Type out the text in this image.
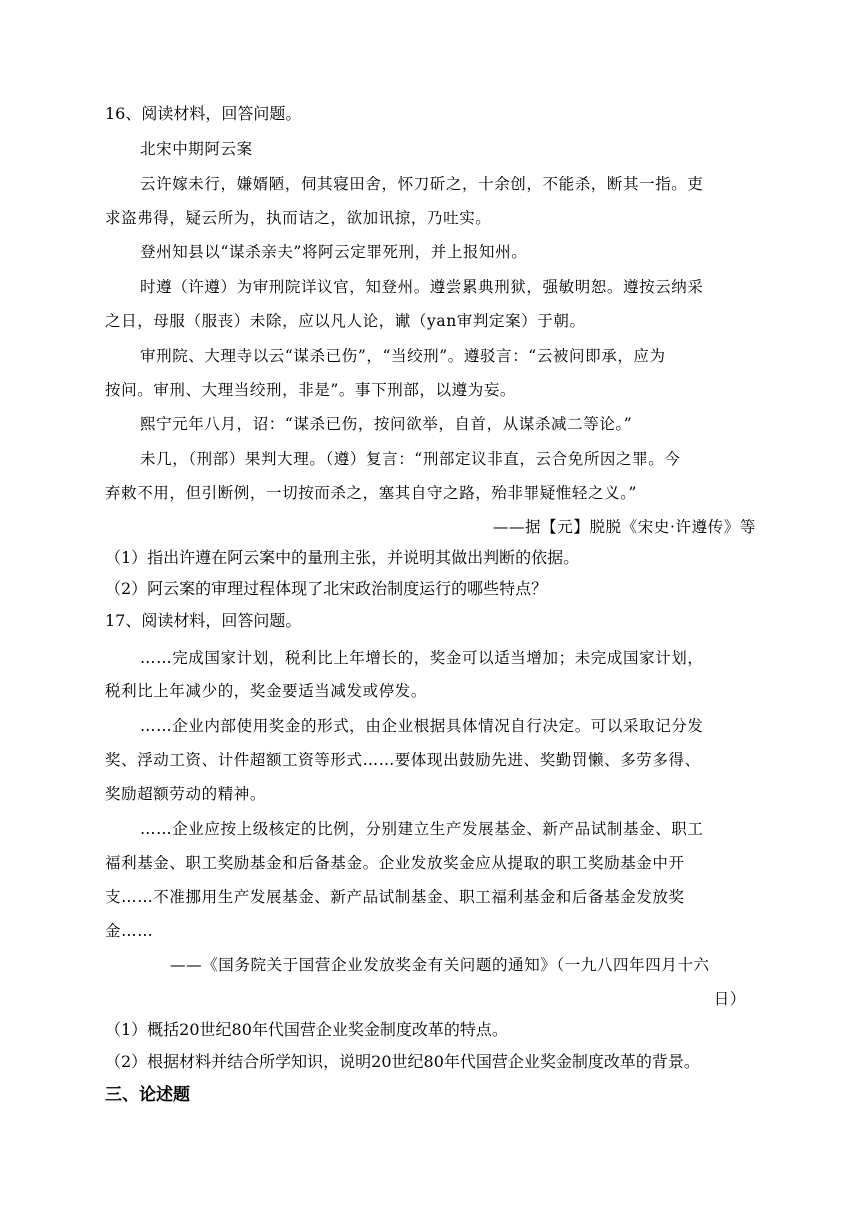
16、阅读材料，回答问题。
北宋中期阿云案
云许嫁未行，嫌婿陋，伺其寝田舍，怀刀斫之，十余创，不能杀，断其一指。吏
求盗弗得，疑云所为，执而诘之，欲加讯掠，乃吐实。
登州知县以“谋杀亲夫”将阿云定罪死刑，并上报知州。
时遵（许遵）为审刑院详议官，知登州。遵尝累典刑狱，强敏明恕。遵按云纳采
之日，母服（服丧）未除，应以凡人论，谳（yan审判定案）于朝。
审刑院、大理寺以云“谋杀已伤”，“当绞刑”。遵驳言：“云被问即承，应为
按问。审刑、大理当绞刑，非是”。事下刑部，以遵为妄。
熙宁元年八月，诏：“谋杀已伤，按问欲举，自首，从谋杀减二等论。”
未几，（刑部）果判大理。（遵）复言：“刑部定议非直，云合免所因之罪。今
弃敕不用，但引断例，一切按而杀之，塞其自守之路，殆非罪疑惟轻之义。”
——据【元】脱脱《宋史·许遵传》等
（1）指出许遵在阿云案中的量刑主张，并说明其做出判断的依据。
（2）阿云案的审理过程体现了北宋政治制度运行的哪些特点？
17、阅读材料，回答问题。
……完成国家计划，税利比上年增长的，奖金可以适当增加；未完成国家计划，
税利比上年减少的，奖金要适当减发或停发。
……企业内部使用奖金的形式，由企业根据具体情况自行决定。可以采取记分发
奖、浮动工资、计件超额工资等形式……要体现出鼓励先进、奖勤罚懒、多劳多得、
奖励超额劳动的精神。
……企业应按上级核定的比例，分别建立生产发展基金、新产品试制基金、职工
福利基金、职工奖励基金和后备基金。企业发放奖金应从提取的职工奖励基金中开
支……不准挪用生产发展基金、新产品试制基金、职工福利基金和后备基金发放奖
金……
——《国务院关于国营企业发放奖金有关问题的通知》（一九八四年四月十六
日）
（1）概括20世纪80年代国营企业奖金制度改革的特点。
（2）根据材料并结合所学知识，说明20世纪80年代国营企业奖金制度改革的背景。
三、论述题
